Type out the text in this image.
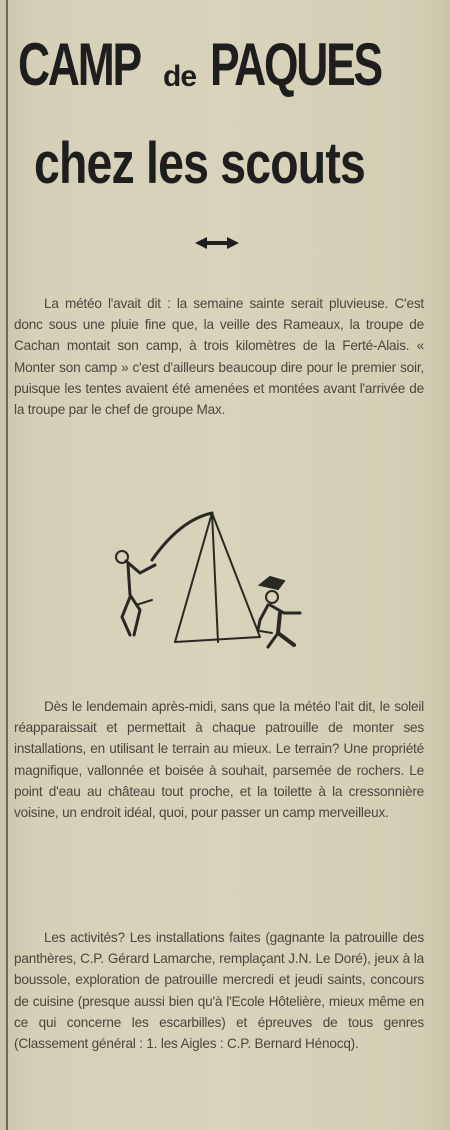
CAMP de PAQUES
chez les scouts
La météo l'avait dit : la semaine sainte serait pluvieuse. C'est donc sous une pluie fine que, la veille des Rameaux, la troupe de Cachan montait son camp, à trois kilomètres de la Ferté-Alais. « Monter son camp » c'est d'ailleurs beaucoup dire pour le premier soir, puisque les tentes avaient été amenées et montées avant l'arrivée de la troupe par le chef de groupe Max.
Dès le lendemain après-midi, sans que la météo l'ait dit, le soleil réapparaissait et permettait à chaque patrouille de monter ses installations, en utilisant le terrain au mieux. Le terrain? Une propriété magnifique, vallonnée et boisée à souhait, parsemée de rochers. Le point d'eau au château tout proche, et la toilette à la cressonnière voisine, un endroit idéal, quoi, pour passer un camp merveilleux.
Les activités? Les installations faites (gagnante la patrouille des panthères, C.P. Gérard Lamarche, remplaçant J.N. Le Doré), jeux à la boussole, exploration de patrouille mercredi et jeudi saints, concours de cuisine (presque aussi bien qu'à l'Ecole Hôtelière, mieux même en ce qui concerne les escarbilles) et épreuves de tous genres (Classement général : 1. les Aigles : C.P. Bernard Hénocq).
